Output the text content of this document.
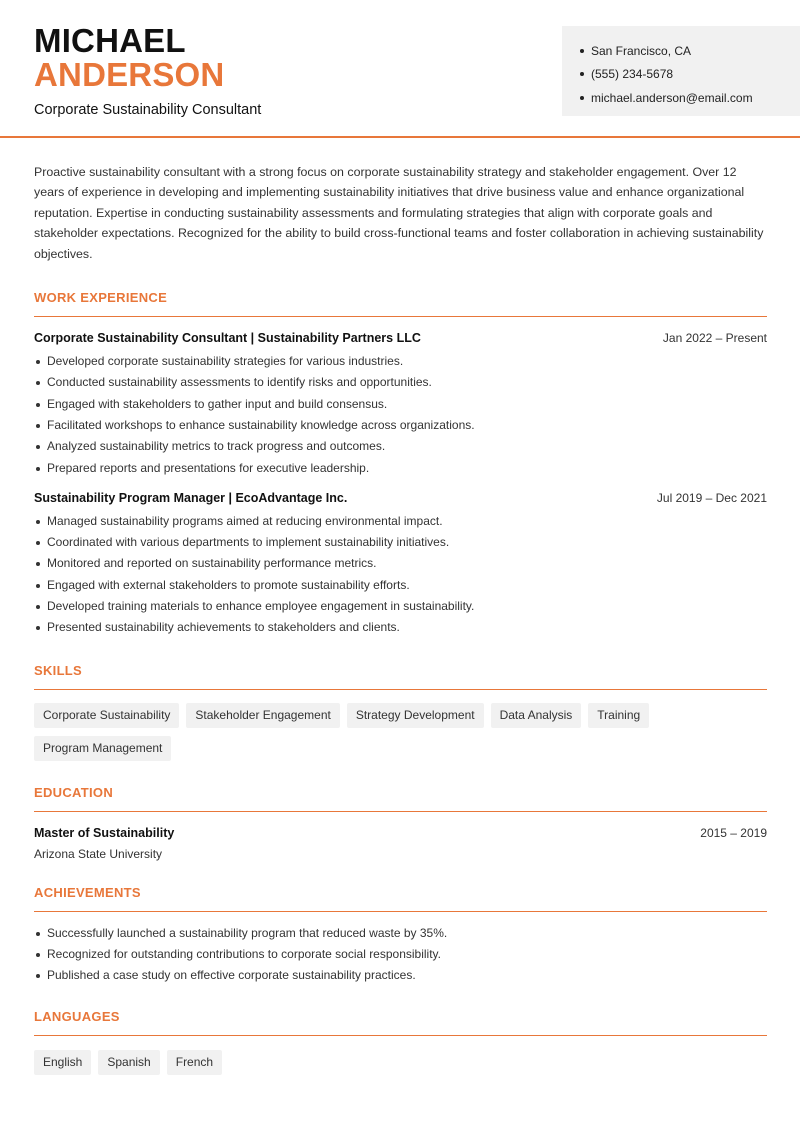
MICHAEL
ANDERSON
Corporate Sustainability Consultant
San Francisco, CA
(555) 234-5678
michael.anderson@email.com

Proactive sustainability consultant with a strong focus on corporate sustainability strategy and stakeholder engagement. Over 12 years of experience in developing and implementing sustainability initiatives that drive business value and enhance organizational reputation. Expertise in conducting sustainability assessments and formulating strategies that align with corporate goals and stakeholder expectations. Recognized for the ability to build cross-functional teams and foster collaboration in achieving sustainability objectives.

WORK EXPERIENCE
Corporate Sustainability Consultant | Sustainability Partners LLC	Jan 2022 – Present
Developed corporate sustainability strategies for various industries.
Conducted sustainability assessments to identify risks and opportunities.
Engaged with stakeholders to gather input and build consensus.
Facilitated workshops to enhance sustainability knowledge across organizations.
Analyzed sustainability metrics to track progress and outcomes.
Prepared reports and presentations for executive leadership.
Sustainability Program Manager | EcoAdvantage Inc.	Jul 2019 – Dec 2021
Managed sustainability programs aimed at reducing environmental impact.
Coordinated with various departments to implement sustainability initiatives.
Monitored and reported on sustainability performance metrics.
Engaged with external stakeholders to promote sustainability efforts.
Developed training materials to enhance employee engagement in sustainability.
Presented sustainability achievements to stakeholders and clients.
SKILLS
Corporate Sustainability	Stakeholder Engagement	Strategy Development	Data Analysis	Training
Program Management
EDUCATION
Master of Sustainability	2015 – 2019
Arizona State University
ACHIEVEMENTS
Successfully launched a sustainability program that reduced waste by 35%.
Recognized for outstanding contributions to corporate social responsibility.
Published a case study on effective corporate sustainability practices.
LANGUAGES
English	Spanish	French
